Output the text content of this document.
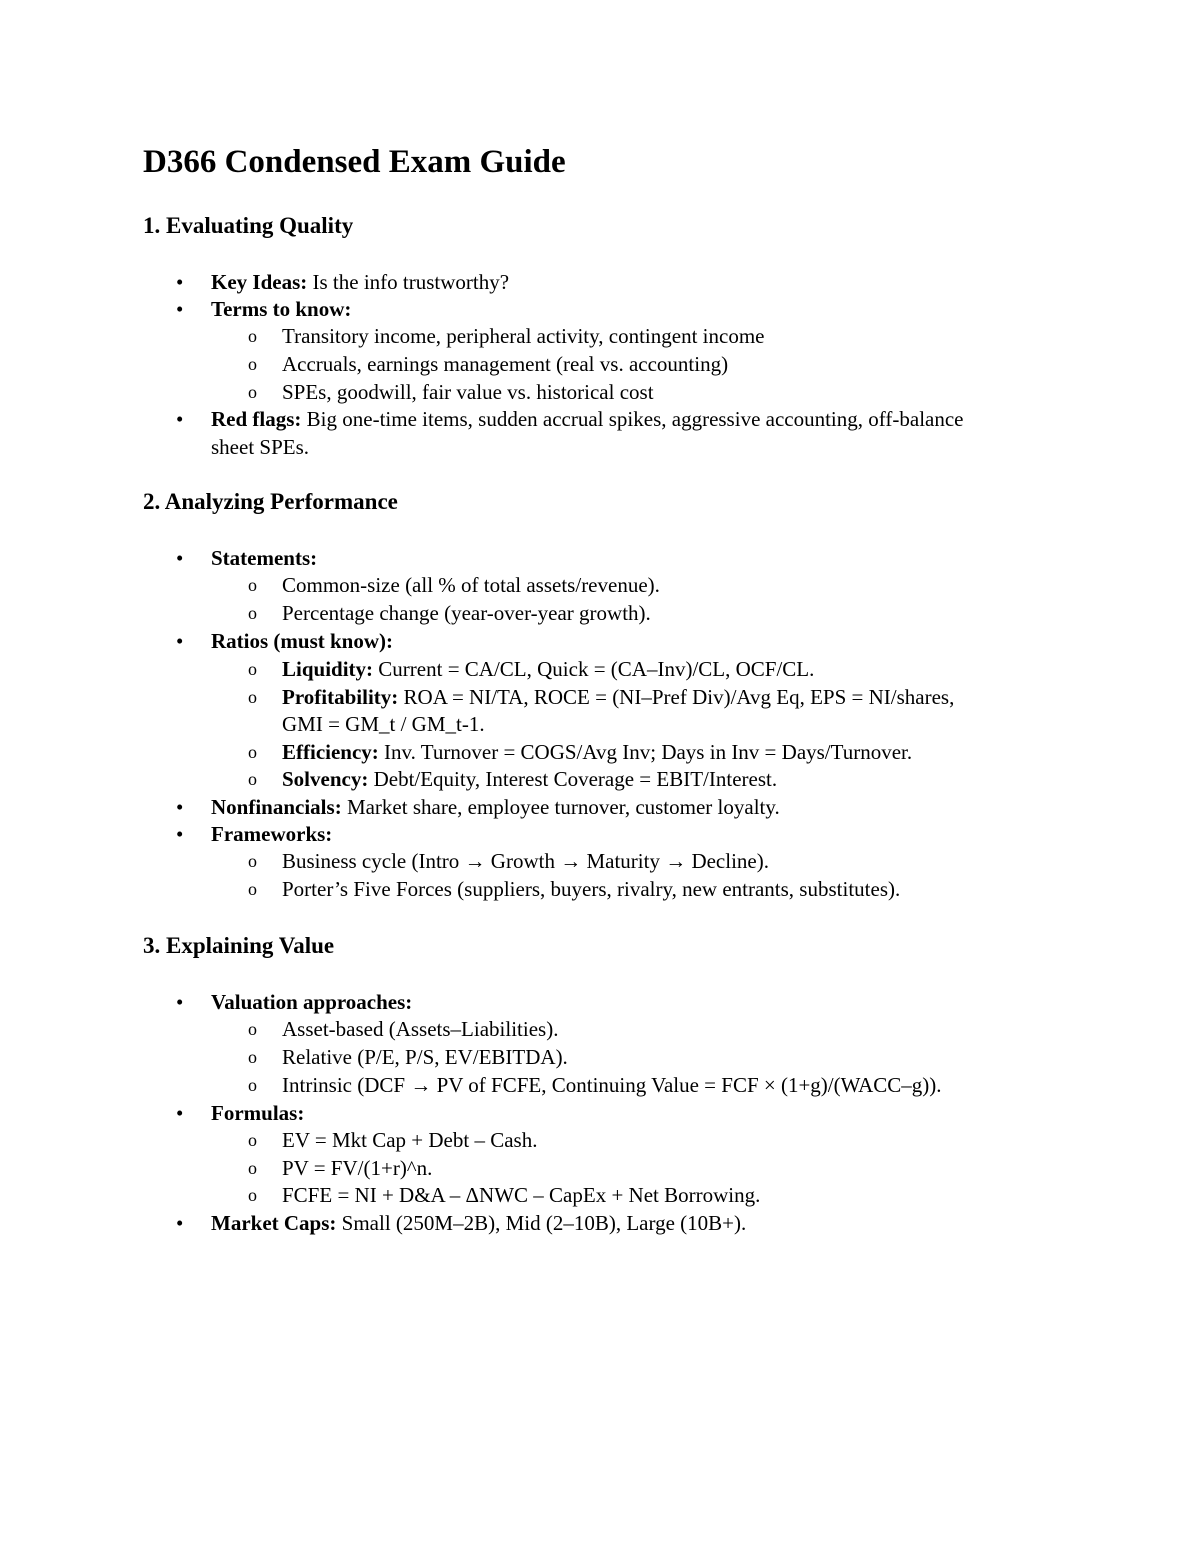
D366 Condensed Exam Guide
1. Evaluating Quality
• Key Ideas: Is the info trustworthy?
• Terms to know:
o Transitory income, peripheral activity, contingent income
o Accruals, earnings management (real vs. accounting)
o SPEs, goodwill, fair value vs. historical cost
• Red flags: Big one-time items, sudden accrual spikes, aggressive accounting, off-balance
sheet SPEs.
2. Analyzing Performance
• Statements:
o Common-size (all % of total assets/revenue).
o Percentage change (year-over-year growth).
• Ratios (must know):
o Liquidity: Current = CA/CL, Quick = (CA–Inv)/CL, OCF/CL.
o Profitability: ROA = NI/TA, ROCE = (NI–Pref Div)/Avg Eq, EPS = NI/shares,
GMI = GM_t / GM_t-1.
o Efficiency: Inv. Turnover = COGS/Avg Inv; Days in Inv = Days/Turnover.
o Solvency: Debt/Equity, Interest Coverage = EBIT/Interest.
• Nonfinancials: Market share, employee turnover, customer loyalty.
• Frameworks:
o Business cycle (Intro → Growth → Maturity → Decline).
o Porter’s Five Forces (suppliers, buyers, rivalry, new entrants, substitutes).
3. Explaining Value
• Valuation approaches:
o Asset-based (Assets–Liabilities).
o Relative (P/E, P/S, EV/EBITDA).
o Intrinsic (DCF → PV of FCFE, Continuing Value = FCF × (1+g)/(WACC–g)).
• Formulas:
o EV = Mkt Cap + Debt – Cash.
o PV = FV/(1+r)^n.
o FCFE = NI + D&A – ΔNWC – CapEx + Net Borrowing.
• Market Caps: Small (250M–2B), Mid (2–10B), Large (10B+).
